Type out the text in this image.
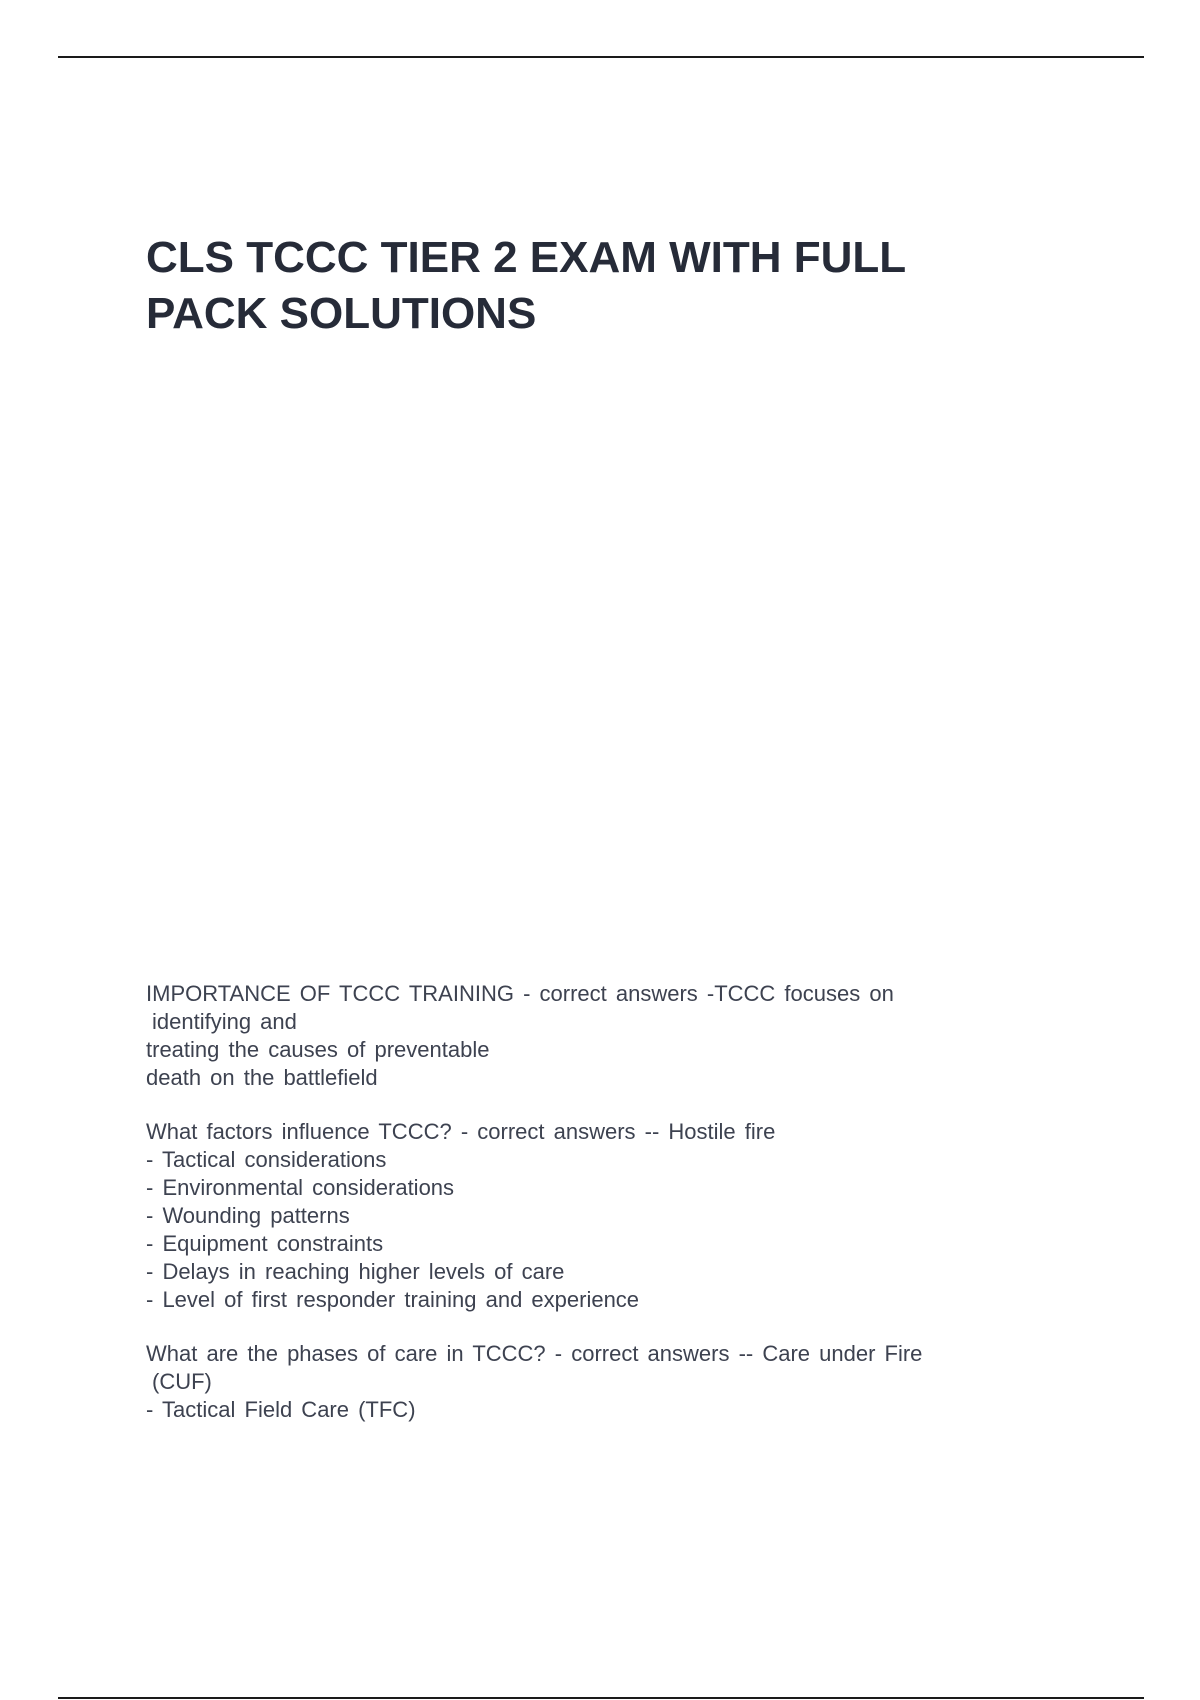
CLS TCCC TIER 2 EXAM WITH FULL
PACK SOLUTIONS
IMPORTANCE OF TCCC TRAINING - correct answers -TCCC focuses on
identifying and
treating the causes of preventable
death on the battlefield
What factors influence TCCC? - correct answers -- Hostile fire
- Tactical considerations
- Environmental considerations
- Wounding patterns
- Equipment constraints
- Delays in reaching higher levels of care
- Level of first responder training and experience
What are the phases of care in TCCC? - correct answers -- Care under Fire
(CUF)
- Tactical Field Care (TFC)
